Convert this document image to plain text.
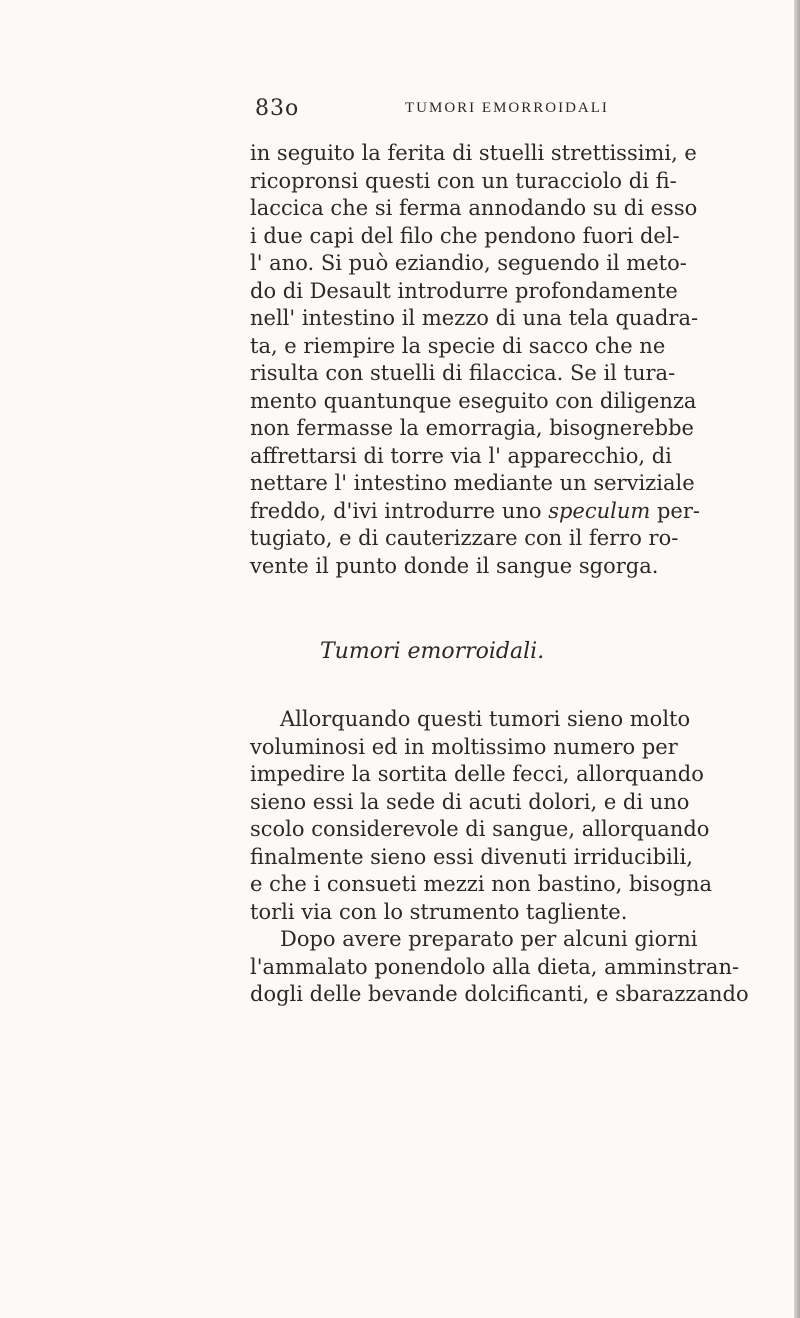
83o	TUMORI EMORROIDALI
in seguito la ferita di stuelli strettissimi, e
ricopronsi questi con un turacciolo di fi-
laccica che si ferma annodando su di esso
i due capi del filo che pendono fuori del-
l' ano. Si può eziandio, seguendo il meto-
do di Desault introdurre profondamente
nell' intestino il mezzo di una tela quadra-
ta, e riempire la specie di sacco che ne
risulta con stuelli di filaccica. Se il tura-
mento quantunque eseguito con diligenza
non fermasse la emorragia, bisognerebbe
affrettarsi di torre via l' apparecchio, di
nettare l' intestino mediante un serviziale
freddo, d'ivi introdurre uno speculum per-
tugiato, e di cauterizzare con il ferro ro-
vente il punto donde il sangue sgorga.
Tumori emorroidali.
Allorquando questi tumori sieno molto
voluminosi ed in moltissimo numero per
impedire la sortita delle fecci, allorquando
sieno essi la sede di acuti dolori, e di uno
scolo considerevole di sangue, allorquando
finalmente sieno essi divenuti irriducibili,
e che i consueti mezzi non bastino, bisogna
torli via con lo strumento tagliente.
Dopo avere preparato per alcuni giorni
l'ammalato ponendolo alla dieta, amminstran-
dogli delle bevande dolcificanti, e sbarazzando
